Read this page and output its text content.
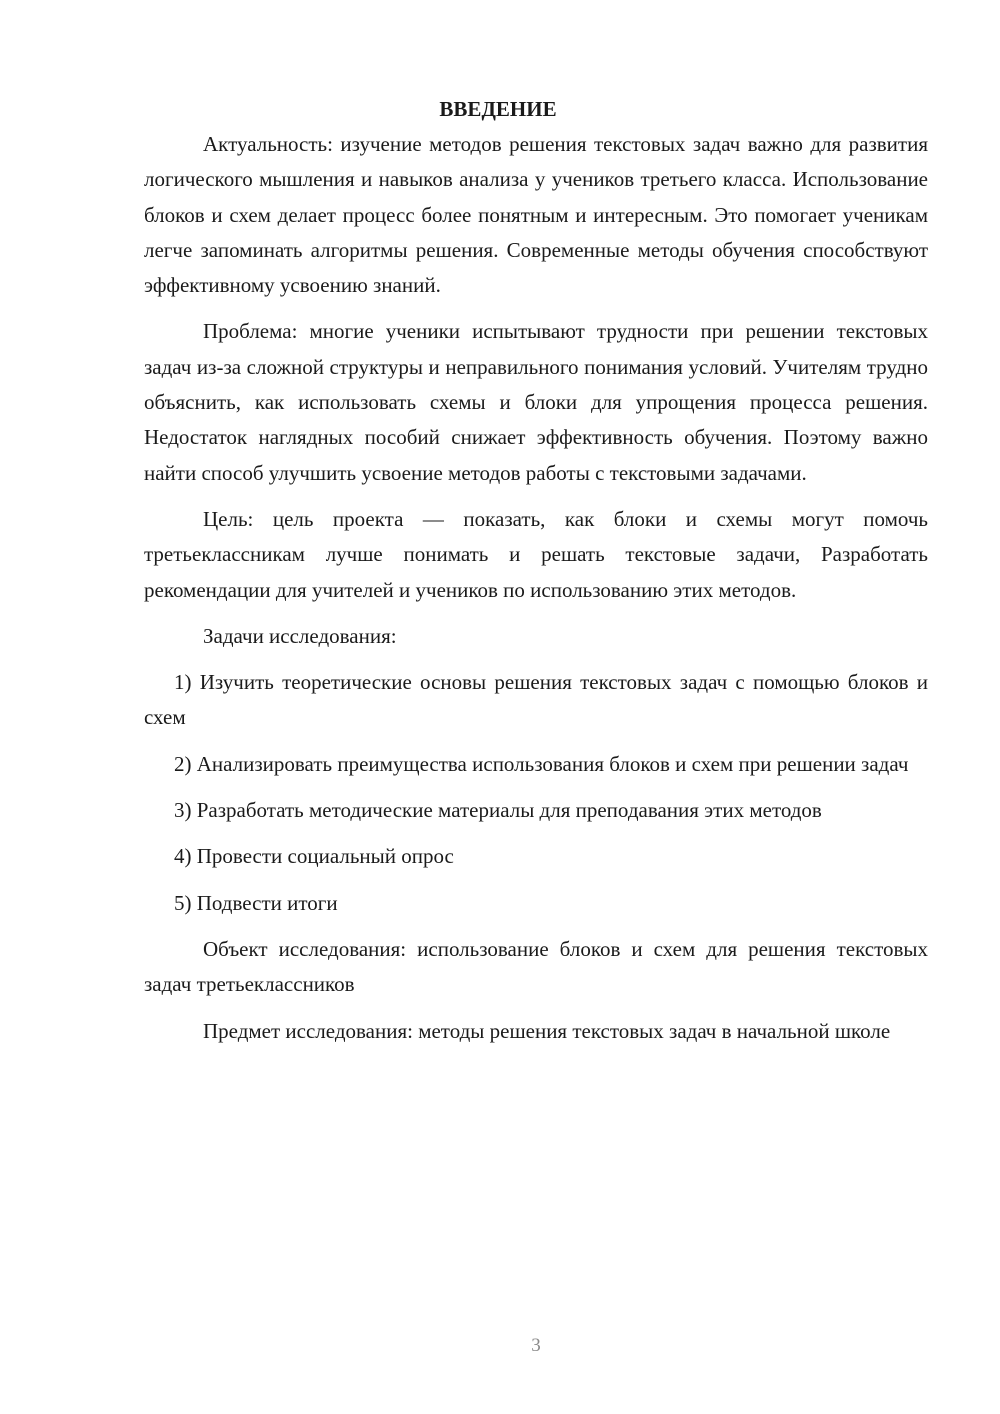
ВВЕДЕНИЕ

Актуальность: изучение методов решения текстовых задач важно для развития логического мышления и навыков анализа у учеников третьего класса. Использование блоков и схем делает процесс более понятным и интересным. Это помогает ученикам легче запоминать алгоритмы решения. Современные методы обучения способствуют эффективному усвоению знаний.

Проблема: многие ученики испытывают трудности при решении текстовых задач из-за сложной структуры и неправильного понимания условий. Учителям трудно объяснить, как использовать схемы и блоки для упрощения процесса решения. Недостаток наглядных пособий снижает эффективность обучения. Поэтому важно найти способ улучшить усвоение методов работы с текстовыми задачами.

Цель: цель проекта — показать, как блоки и схемы могут помочь третьеклассникам лучше понимать и решать текстовые задачи, Разработать рекомендации для учителей и учеников по использованию этих методов.

Задачи исследования:

1) Изучить теоретические основы решения текстовых задач с помощью блоков и схем

2) Анализировать преимущества использования блоков и схем при решении задач

3) Разработать методические материалы для преподавания этих методов

4) Провести социальный опрос

5) Подвести итоги

Объект исследования: использование блоков и схем для решения текстовых задач третьеклассников

Предмет исследования: методы решения текстовых задач в начальной школе

3
